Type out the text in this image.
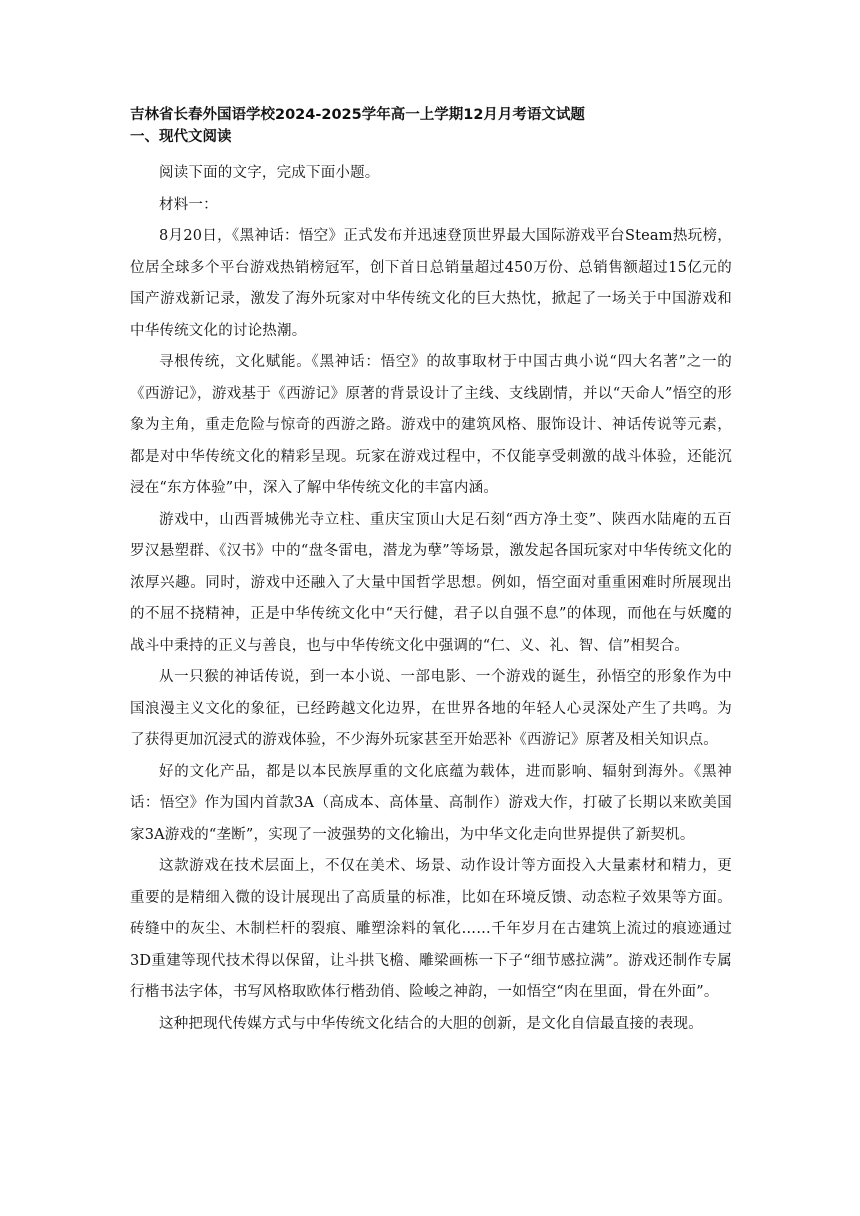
吉林省长春外国语学校2024-2025学年高一上学期12月月考语文试题

一、现代文阅读

阅读下面的文字，完成下面小题。

材料一：

8月20日，《黑神话：悟空》正式发布并迅速登顶世界最大国际游戏平台Steam热玩榜，位居全球多个平台游戏热销榜冠军，创下首日总销量超过450万份、总销售额超过15亿元的国产游戏新记录，激发了海外玩家对中华传统文化的巨大热忱，掀起了一场关于中国游戏和中华传统文化的讨论热潮。

寻根传统，文化赋能。《黑神话：悟空》的故事取材于中国古典小说“四大名著”之一的《西游记》，游戏基于《西游记》原著的背景设计了主线、支线剧情，并以“天命人”悟空的形象为主角，重走危险与惊奇的西游之路。游戏中的建筑风格、服饰设计、神话传说等元素，都是对中华传统文化的精彩呈现。玩家在游戏过程中，不仅能享受刺激的战斗体验，还能沉浸在“东方体验”中，深入了解中华传统文化的丰富内涵。

游戏中，山西晋城佛光寺立柱、重庆宝顶山大足石刻“西方净土变”、陕西水陆庵的五百罗汉悬塑群、《汉书》中的“盘冬雷电，潜龙为孽”等场景，激发起各国玩家对中华传统文化的浓厚兴趣。同时，游戏中还融入了大量中国哲学思想。例如，悟空面对重重困难时所展现出的不屈不挠精神，正是中华传统文化中“天行健，君子以自强不息”的体现，而他在与妖魔的战斗中秉持的正义与善良，也与中华传统文化中强调的“仁、义、礼、智、信”相契合。

从一只猴的神话传说，到一本小说、一部电影、一个游戏的诞生，孙悟空的形象作为中国浪漫主义文化的象征，已经跨越文化边界，在世界各地的年轻人心灵深处产生了共鸣。为了获得更加沉浸式的游戏体验，不少海外玩家甚至开始恶补《西游记》原著及相关知识点。

好的文化产品，都是以本民族厚重的文化底蕴为载体，进而影响、辐射到海外。《黑神话：悟空》作为国内首款3A（高成本、高体量、高制作）游戏大作，打破了长期以来欧美国家3A游戏的“垄断”，实现了一波强势的文化输出，为中华文化走向世界提供了新契机。

这款游戏在技术层面上，不仅在美术、场景、动作设计等方面投入大量素材和精力，更重要的是精细入微的设计展现出了高质量的标准，比如在环境反馈、动态粒子效果等方面。砖缝中的灰尘、木制栏杆的裂痕、雕塑涂料的氧化……千年岁月在古建筑上流过的痕迹通过3D重建等现代技术得以保留，让斗拱飞檐、雕梁画栋一下子“细节感拉满”。游戏还制作专属行楷书法字体，书写风格取欧体行楷劲俏、险峻之神韵，一如悟空“肉在里面，骨在外面”。

这种把现代传媒方式与中华传统文化结合的大胆的创新，是文化自信最直接的表现。
